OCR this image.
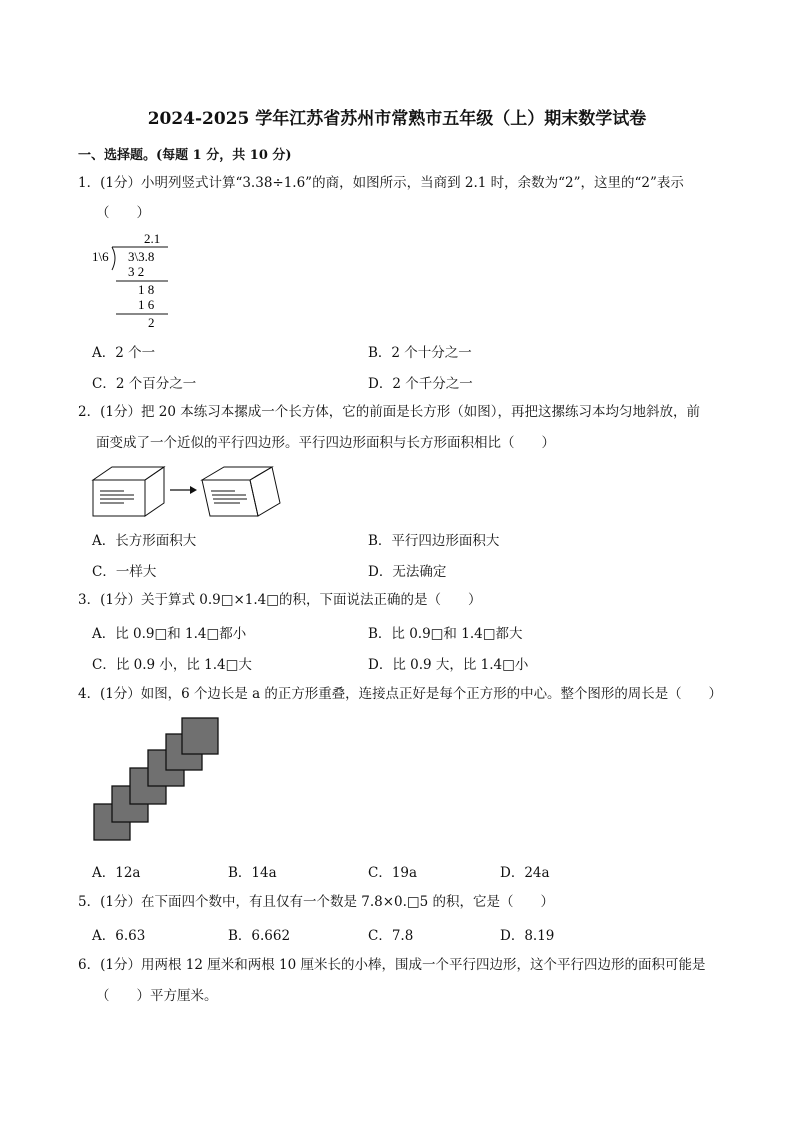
2024-2025 学年江苏省苏州市常熟市五年级（上）期末数学试卷
一、选择题。(每题 1 分，共 10 分)
1．(1分）小明列竖式计算“3.38÷1.6”的商，如图所示，当商到 2.1 时，余数为“2”，这里的“2”表示
（　　）
2.1
1\6 3\3.8
3 2
1 8
1 6
2
A．2 个一	B．2 个十分之一
C．2 个百分之一	D．2 个千分之一
2．(1分）把 20 本练习本摞成一个长方体，它的前面是长方形（如图），再把这摞练习本均匀地斜放，前
面变成了一个近似的平行四边形。平行四边形面积与长方形面积相比（　　）
A．长方形面积大	B．平行四边形面积大
C．一样大	D．无法确定
3．(1分）关于算式 0.9□×1.4□的积，下面说法正确的是（　　）
A．比 0.9□和 1.4□都小	B．比 0.9□和 1.4□都大
C．比 0.9 小，比 1.4□大	D．比 0.9 大，比 1.4□小
4．(1分）如图，6 个边长是 a 的正方形重叠，连接点正好是每个正方形的中心。整个图形的周长是（　　）
A．12a	B．14a	C．19a	D．24a
5．(1分）在下面四个数中，有且仅有一个数是 7.8×0.□5 的积，它是（　　）
A．6.63	B．6.662	C．7.8	D．8.19
6．(1分）用两根 12 厘米和两根 10 厘米长的小棒，围成一个平行四边形，这个平行四边形的面积可能是
（　　）平方厘米。
